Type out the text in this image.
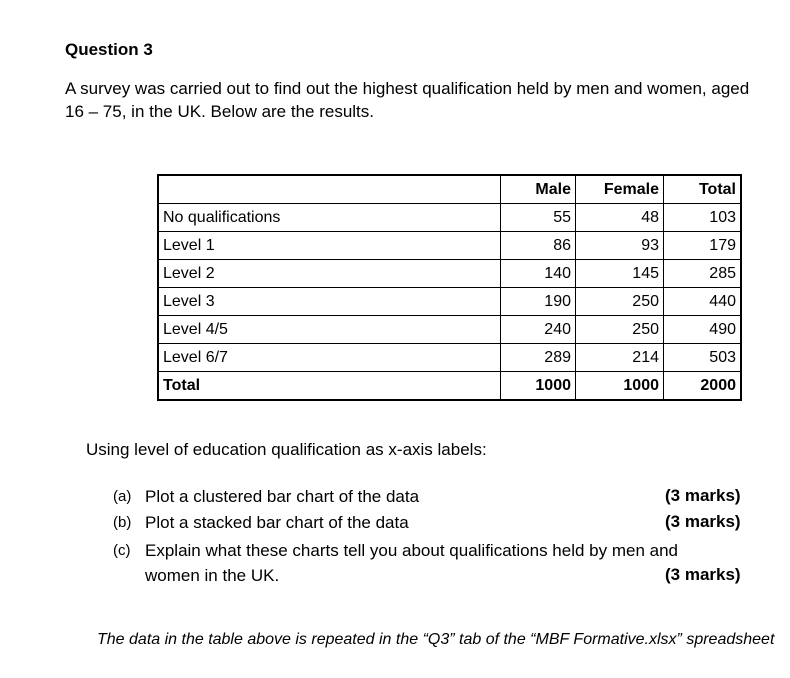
Question 3
A survey was carried out to find out the highest qualification held by men and women, aged 16 – 75, in the UK. Below are the results.
	Male	Female	Total
No qualifications	55	48	103
Level 1	86	93	179
Level 2	140	145	285
Level 3	190	250	440
Level 4/5	240	250	490
Level 6/7	289	214	503
Total	1000	1000	2000
Using level of education qualification as x-axis labels:
(a) Plot a clustered bar chart of the data	(3 marks)
(b) Plot a stacked bar chart of the data	(3 marks)
(c) Explain what these charts tell you about qualifications held by men and
women in the UK.	(3 marks)
The data in the table above is repeated in the “Q3” tab of the “MBF Formative.xlsx” spreadsheet
